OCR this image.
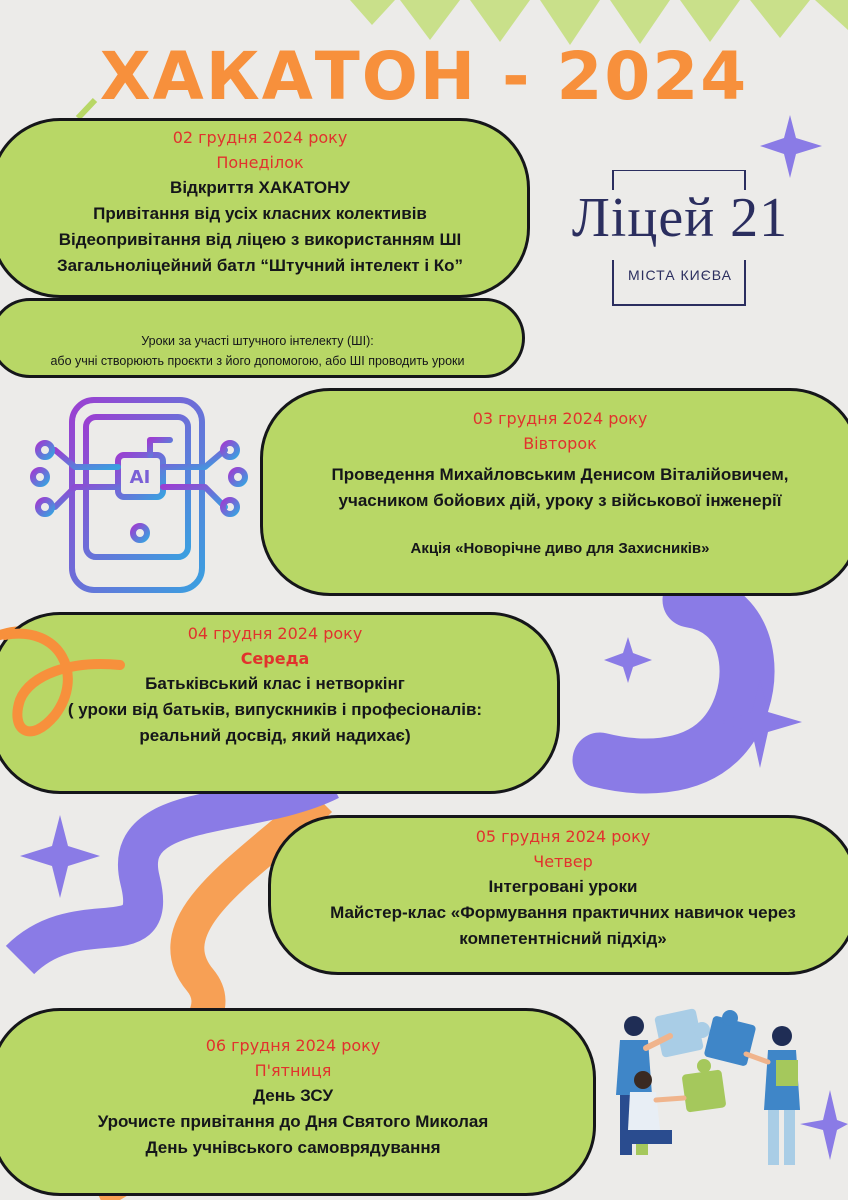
ХАКАТОН - 2024
Ліцей 21
МІСТА КИЄВА
Уроки за участі штучного інтелекту (ШІ):
або учні створюють проєкти з його допомогою, або ШІ проводить уроки
02 грудня 2024 року
Понеділок
Відкриття ХАКАТОНУ
Привітання від усіх класних колективів
Відеопривітання від ліцею з використанням ШІ
Загальноліцейний батл “Штучний інтелект і Ко”
AI
03 грудня 2024 року
Вівторок
Проведення Михайловським Денисом Віталійовичем,
учасником бойових дій, уроку з військової інженерії
Акція «Новорічне диво для Захисників»
04 грудня 2024 року
Середа
Батьківський клас і нетворкінг
( уроки від батьків, випускників і професіоналів:
реальний досвід, який надихає)
05 грудня 2024 року
Четвер
Інтегровані уроки
Майстер-клас «Формування практичних навичок через
компетентнісний підхід»
06 грудня 2024 року
П'ятниця
День ЗСУ
Урочисте привітання до Дня Святого Миколая
День учнівського самоврядування
